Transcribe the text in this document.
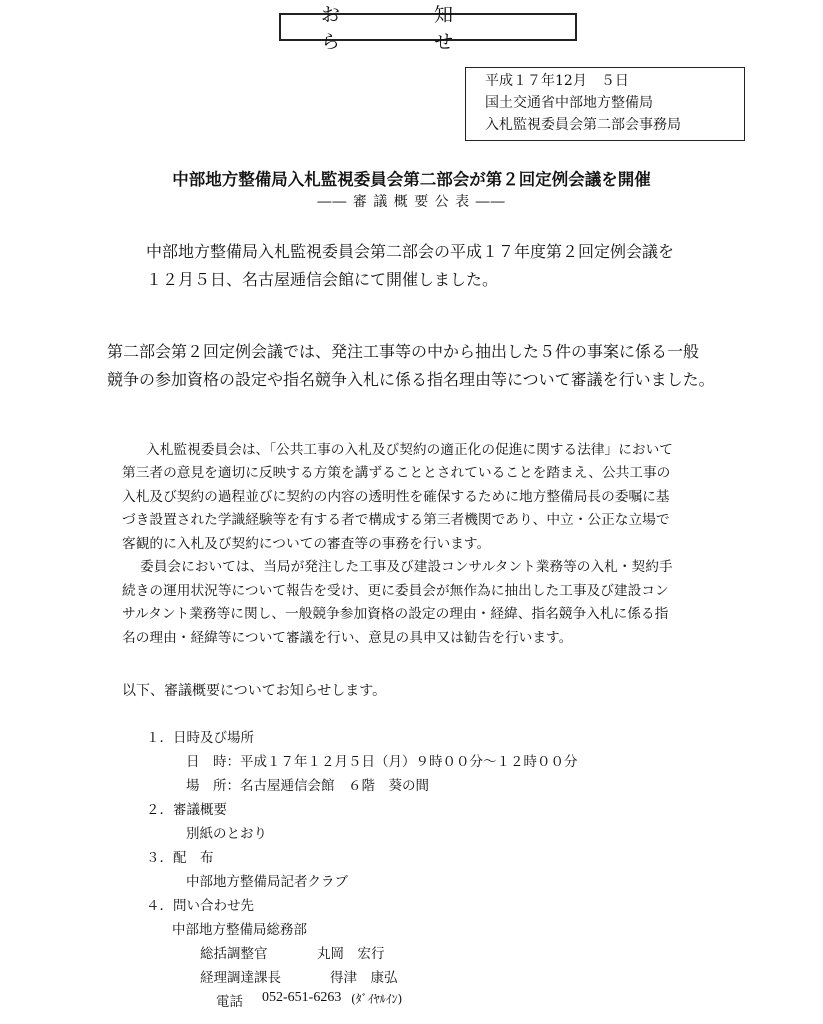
お 知 ら せ
平成１７年12月　５日
国土交通省中部地方整備局
入札監視委員会第二部会事務局
中部地方整備局入札監視委員会第二部会が第２回定例会議を開催
―― 審 議 概 要 公 表 ――
中部地方整備局入札監視委員会第二部会の平成１７年度第２回定例会議を
１２月５日、名古屋逓信会館にて開催しました。
第二部会第２回定例会議では、発注工事等の中から抽出した５件の事案に係る一般
競争の参加資格の設定や指名競争入札に係る指名理由等について審議を行いました。
入札監視委員会は、「公共工事の入札及び契約の適正化の促進に関する法律」において
第三者の意見を適切に反映する方策を講ずることとされていることを踏まえ、公共工事の
入札及び契約の過程並びに契約の内容の透明性を確保するために地方整備局長の委嘱に基
づき設置された学識経験等を有する者で構成する第三者機関であり、中立・公正な立場で
客観的に入札及び契約についての審査等の事務を行います。
委員会においては、当局が発注した工事及び建設コンサルタント業務等の入札・契約手
続きの運用状況等について報告を受け、更に委員会が無作為に抽出した工事及び建設コン
サルタント業務等に関し、一般競争参加資格の設定の理由・経緯、指名競争入札に係る指
名の理由・経緯等について審議を行い、意見の具申又は勧告を行います。
以下、審議概要についてお知らせします。
１．日時及び場所
日　時：平成１７年１２月５日（月）９時００分～１２時００分
場　所：名古屋逓信会館　６階　葵の間
２．審議概要
別紙のとおり
３．配　布
中部地方整備局記者クラブ
４．問い合わせ先
中部地方整備局総務部
総括調整官	丸岡　宏行
経理調達課長	得津　康弘
電話 052-651-6263 (ﾀﾞｲﾔﾙｲﾝ)
